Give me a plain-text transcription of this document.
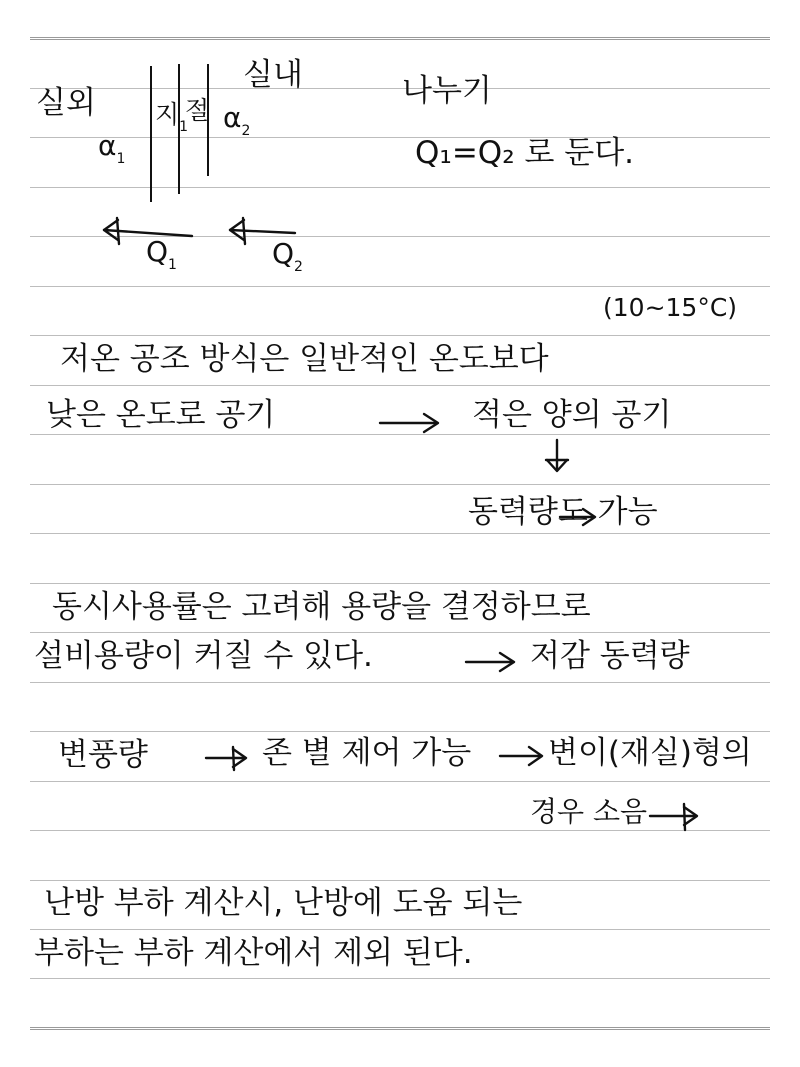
실외
$\alpha_1$
지$_1$
절 $\alpha_2$
실내
$Q_1$	$Q_2$
나누기
Q₁=Q₂ 로 둔다.
(10~15°C)
저온 공조 방식은 일반적인 온도보다
낮은 온도로 공기	적은 양의 공기
동력량도 가능
동시사용률은 고려해 용량을 결정하므로
설비용량이 커질 수 있다.	저감 동력량
변풍량	존 별 제어 가능 변이(재실)형의
경우 소음
난방 부하 계산시, 난방에 도움 되는
부하는 부하 계산에서 제외 된다.
